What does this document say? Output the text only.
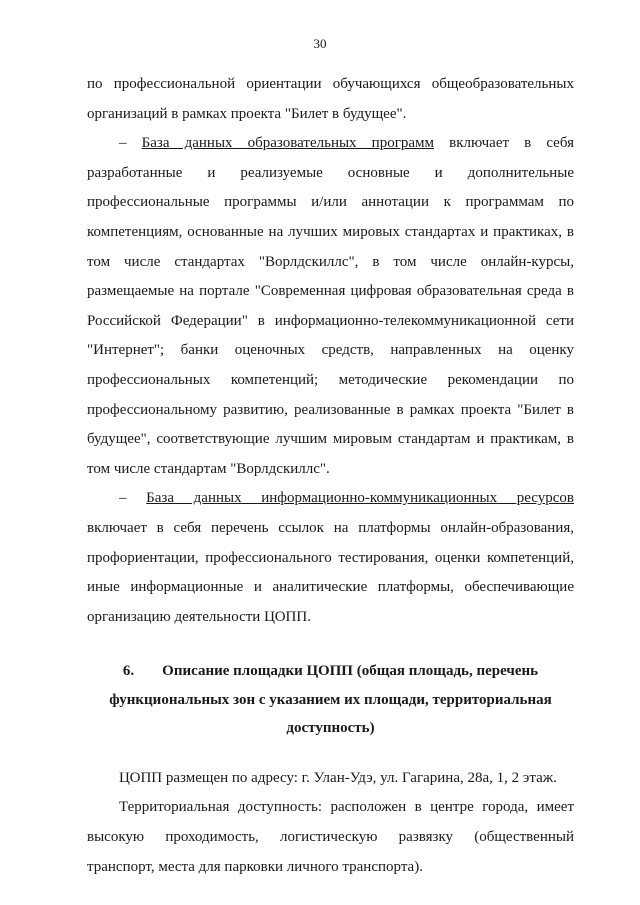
30

по профессиональной ориентации обучающихся общеобразовательных организаций в рамках проекта "Билет в будущее".

– База данных образовательных программ включает в себя разработанные и реализуемые основные и дополнительные профессиональные программы и/или аннотации к программам по компетенциям, основанные на лучших мировых стандартах и практиках, в том числе стандартах "Ворлдскиллс", в том числе онлайн-курсы, размещаемые на портале "Современная цифровая образовательная среда в Российской Федерации" в информационно-телекоммуникационной сети "Интернет"; банки оценочных средств, направленных на оценку профессиональных компетенций; методические рекомендации по профессиональному развитию, реализованные в рамках проекта "Билет в будущее", соответствующие лучшим мировым стандартам и практикам, в том числе стандартам "Ворлдскиллс".

– База данных информационно-коммуникационных ресурсов включает в себя перечень ссылок на платформы онлайн-образования, профориентации, профессионального тестирования, оценки компетенций, иные информационные и аналитические платформы, обеспечивающие организацию деятельности ЦОПП.

6. Описание площадки ЦОПП (общая площадь, перечень функциональных зон с указанием их площади, территориальная доступность)

ЦОПП размещен по адресу: г. Улан-Удэ, ул. Гагарина, 28а, 1, 2 этаж.

Территориальная доступность: расположен в центре города, имеет высокую проходимость, логистическую развязку (общественный транспорт, места для парковки личного транспорта).
